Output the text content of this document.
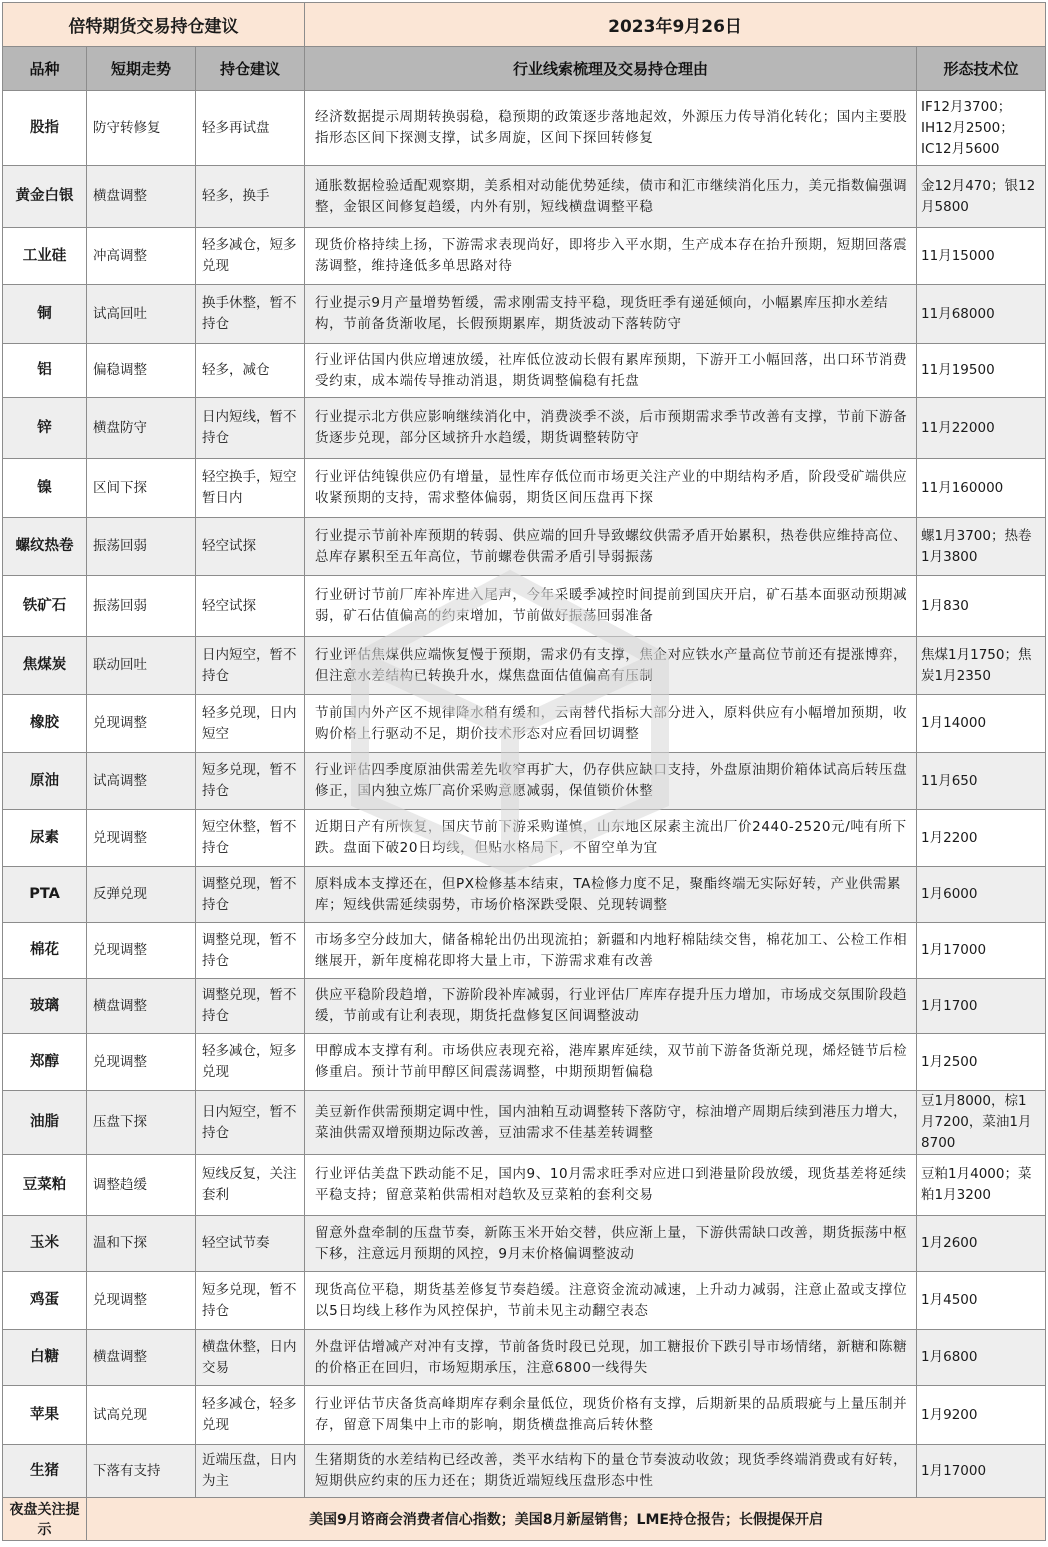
倍特期货交易持仓建议			2023年9月26日	
品种	短期走势	持仓建议	行业线索梳理及交易持仓理由	形态技术位
股指	防守转修复	轻多再试盘	经济数据提示周期转换弱稳，稳预期的政策逐步落地起效，外源压力传导消化转化；国内主要股指形态区间下探测支撑，试多周旋，区间下探回转修复	IF12月3700；IH12月2500；IC12月5600
黄金白银	横盘调整	轻多，换手	通胀数据检验适配观察期，美系相对动能优势延续，债市和汇市继续消化压力，美元指数偏强调整，金银区间修复趋缓，内外有别，短线横盘调整平稳	金12月470；银12月5800
工业硅	冲高调整	轻多减仓，短多兑现	现货价格持续上扬，下游需求表现尚好，即将步入平水期，生产成本存在抬升预期，短期回落震荡调整，维持逢低多单思路对待	11月15000
铜	试高回吐	换手休整，暂不持仓	行业提示9月产量增势暂缓，需求刚需支持平稳，现货旺季有递延倾向，小幅累库压抑水差结构，节前备货渐收尾，长假预期累库，期货波动下落转防守	11月68000
铝	偏稳调整	轻多，减仓	行业评估国内供应增速放缓，社库低位波动长假有累库预期，下游开工小幅回落，出口环节消费受约束，成本端传导推动消退，期货调整偏稳有托盘	11月19500
锌	横盘防守	日内短线，暂不持仓	行业提示北方供应影响继续消化中，消费淡季不淡，后市预期需求季节改善有支撑，节前下游备货逐步兑现，部分区域挤升水趋缓，期货调整转防守	11月22000
镍	区间下探	轻空换手，短空暂日内	行业评估纯镍供应仍有增量，显性库存低位而市场更关注产业的中期结构矛盾，阶段受矿端供应收紧预期的支持，需求整体偏弱，期货区间压盘再下探	11月160000
螺纹热卷	振荡回弱	轻空试探	行业提示节前补库预期的转弱、供应端的回升导致螺纹供需矛盾开始累积，热卷供应维持高位、总库存累积至五年高位，节前螺卷供需矛盾引导弱振荡	螺1月3700；热卷1月3800
铁矿石	振荡回弱	轻空试探	行业研讨节前厂库补库进入尾声，今年采暖季减控时间提前到国庆开启，矿石基本面驱动预期减弱，矿石估值偏高的约束增加，节前做好振荡回弱准备	1月830
焦煤炭	联动回吐	日内短空，暂不持仓	行业评估焦煤供应端恢复慢于预期，需求仍有支撑，焦企对应铁水产量高位节前还有提涨博弈，但注意水差结构已转换升水，煤焦盘面估值偏高有压制	焦煤1月1750；焦炭1月2350
橡胶	兑现调整	轻多兑现，日内短空	节前国内外产区不规律降水稍有缓和，云南替代指标大部分进入，原料供应有小幅增加预期，收购价格上行驱动不足，期价技术形态对应看回切调整	1月14000
原油	试高调整	短多兑现，暂不持仓	行业评估四季度原油供需差先收窄再扩大，仍存供应缺口支持，外盘原油期价箱体试高后转压盘修正，国内独立炼厂高价采购意愿减弱，保值锁价休整	11月650
尿素	兑现调整	短空休整，暂不持仓	近期日产有所恢复，国庆节前下游采购谨慎，山东地区尿素主流出厂价2440-2520元/吨有所下跌。盘面下破20日均线，但贴水格局下，不留空单为宜	1月2200
PTA	反弹兑现	调整兑现，暂不持仓	原料成本支撑还在，但PX检修基本结束，TA检修力度不足，聚酯终端无实际好转，产业供需累库；短线供需延续弱势，市场价格深跌受限、兑现转调整	1月6000
棉花	兑现调整	调整兑现，暂不持仓	市场多空分歧加大，储备棉轮出仍出现流拍；新疆和内地籽棉陆续交售，棉花加工、公检工作相继展开，新年度棉花即将大量上市，下游需求难有改善	1月17000
玻璃	横盘调整	调整兑现，暂不持仓	供应平稳阶段趋增，下游阶段补库减弱，行业评估厂库库存提升压力增加，市场成交氛围阶段趋缓，节前或有让利表现，期货托盘修复区间调整波动	1月1700
郑醇	兑现调整	轻多减仓，短多兑现	甲醇成本支撑有利。市场供应表现充裕，港库累库延续，双节前下游备货渐兑现，烯烃链节后检修重启。预计节前甲醇区间震荡调整，中期预期暂偏稳	1月2500
油脂	压盘下探	日内短空，暂不持仓	美豆新作供需预期定调中性，国内油粕互动调整转下落防守，棕油增产周期后续到港压力增大，菜油供需双增预期边际改善，豆油需求不佳基差转调整	豆1月8000，棕1月7200，菜油1月8700
豆菜粕	调整趋缓	短线反复，关注套利	行业评估美盘下跌动能不足，国内9、10月需求旺季对应进口到港量阶段放缓，现货基差将延续平稳支持；留意菜粕供需相对趋软及豆菜粕的套利交易	豆粕1月4000；菜粕1月3200
玉米	温和下探	轻空试节奏	留意外盘牵制的压盘节奏，新陈玉米开始交替，供应渐上量，下游供需缺口改善，期货振荡中枢下移，注意远月预期的风控，9月末价格偏调整波动	1月2600
鸡蛋	兑现调整	短多兑现，暂不持仓	现货高位平稳，期货基差修复节奏趋缓。注意资金流动减速，上升动力减弱，注意止盈或支撑位以5日均线上移作为风控保护，节前未见主动翻空表态	1月4500
白糖	横盘调整	横盘休整，日内交易	外盘评估增减产对冲有支撑，节前备货时段已兑现，加工糖报价下跌引导市场情绪，新糖和陈糖的价格正在回归，市场短期承压，注意6800一线得失	1月6800
苹果	试高兑现	轻多减仓，轻多兑现	行业评估节庆备货高峰期库存剩余量低位，现货价格有支撑，后期新果的品质瑕疵与上量压制并存，留意下周集中上市的影响，期货横盘推高后转休整	1月9200
生猪	下落有支持	近端压盘，日内为主	生猪期货的水差结构已经改善，类平水结构下的量仓节奏波动收敛；现货季终端消费或有好转，短期供应约束的压力还在；期货近端短线压盘形态中性	1月17000
夜盘关注提示	美国9月谘商会消费者信心指数；美国8月新屋销售；LME持仓报告；长假提保开启			
